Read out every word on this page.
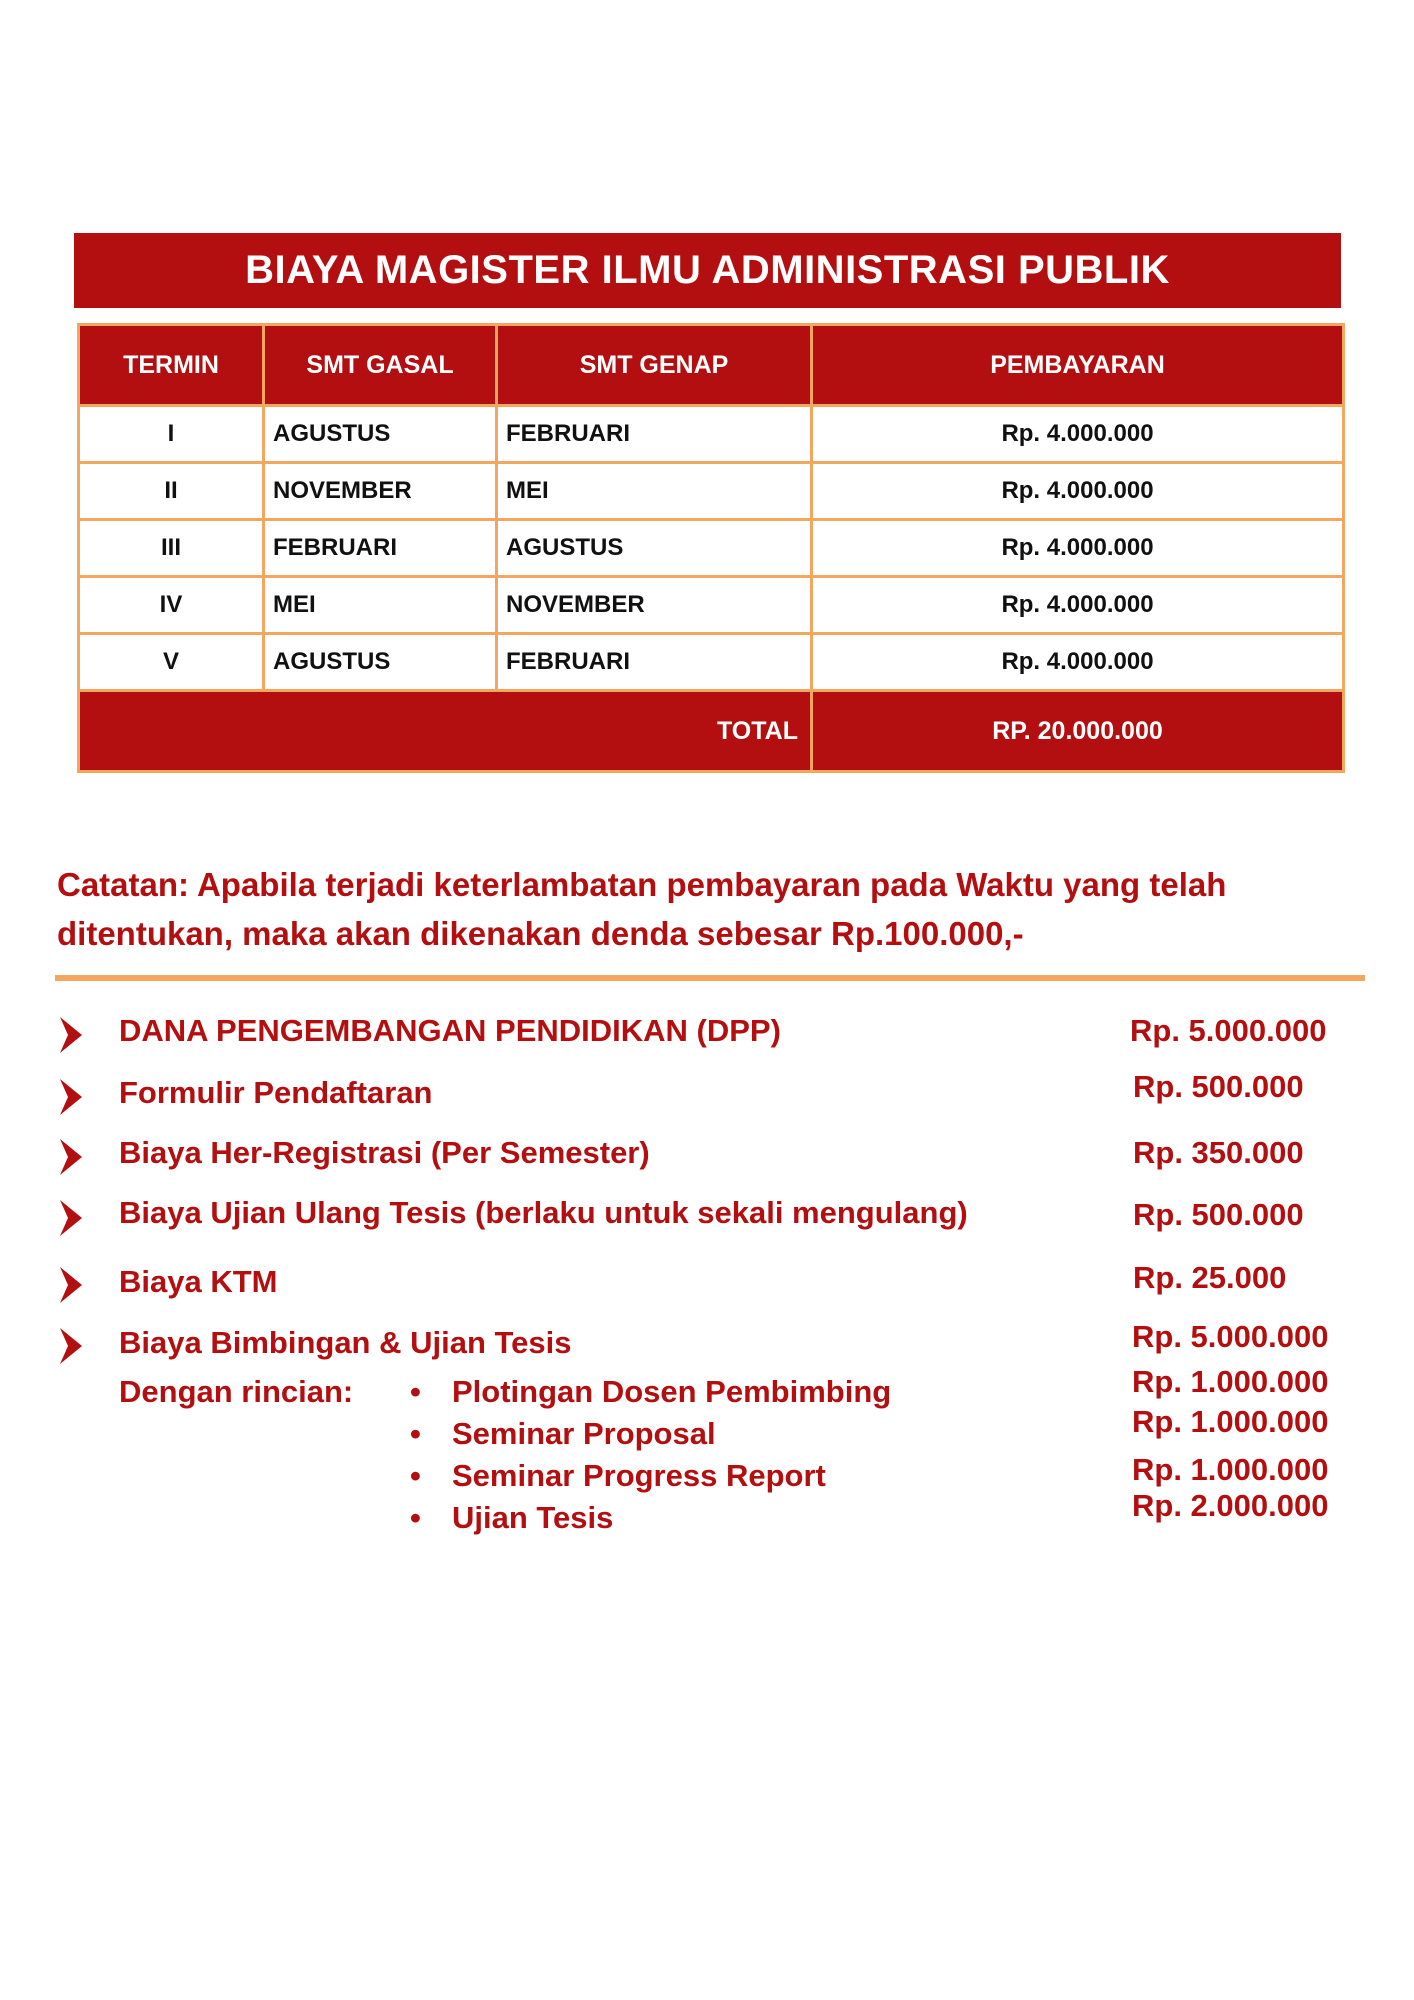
BIAYA MAGISTER ILMU ADMINISTRASI PUBLIK
TERMIN	SMT GASAL	SMT GENAP	PEMBAYARAN
I	AGUSTUS	FEBRUARI	Rp. 4.000.000
II	NOVEMBER	MEI	Rp. 4.000.000
III	FEBRUARI	AGUSTUS	Rp. 4.000.000
IV	MEI	NOVEMBER	Rp. 4.000.000
V	AGUSTUS	FEBRUARI	Rp. 4.000.000
TOTAL			RP. 20.000.000
Catatan: Apabila terjadi keterlambatan pembayaran pada Waktu yang telah ditentukan, maka akan dikenakan denda sebesar Rp.100.000,-
DANA PENGEMBANGAN PENDIDIKAN (DPP)	Rp. 5.000.000
Formulir Pendaftaran	Rp. 500.000
Biaya Her-Registrasi (Per Semester)	Rp. 350.000
Biaya Ujian Ulang Tesis (berlaku untuk sekali mengulang)	Rp. 500.000
Biaya KTM	Rp. 25.000
Biaya Bimbingan & Ujian Tesis	Rp. 5.000.000
Dengan rincian: • Plotingan Dosen Pembimbing	Rp. 1.000.000
• Seminar Proposal	Rp. 1.000.000
• Seminar Progress Report	Rp. 1.000.000
• Ujian Tesis	Rp. 2.000.000
